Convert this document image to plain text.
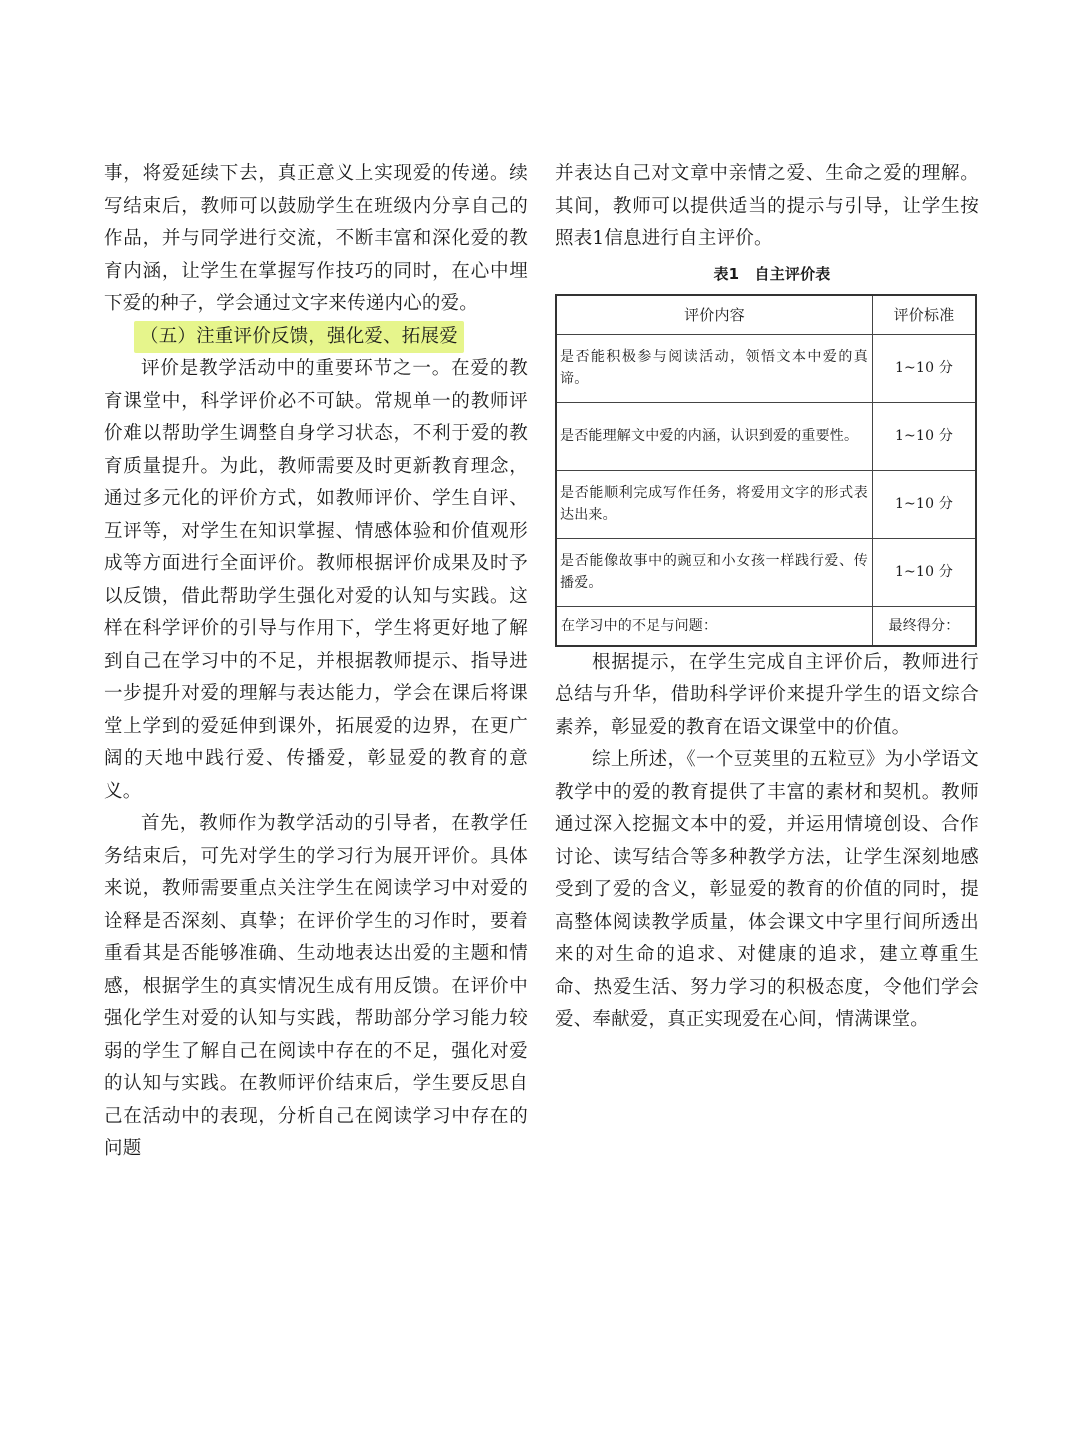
事，将爱延续下去，真正意义上实现爱的传递。续写结束后，教师可以鼓励学生在班级内分享自己的作品，并与同学进行交流，不断丰富和深化爱的教育内涵，让学生在掌握写作技巧的同时，在心中埋下爱的种子，学会通过文字来传递内心的爱。

（五）注重评价反馈，强化爱、拓展爱

评价是教学活动中的重要环节之一。在爱的教育课堂中，科学评价必不可缺。常规单一的教师评价难以帮助学生调整自身学习状态，不利于爱的教育质量提升。为此，教师需要及时更新教育理念，通过多元化的评价方式，如教师评价、学生自评、互评等，对学生在知识掌握、情感体验和价值观形成等方面进行全面评价。教师根据评价成果及时予以反馈，借此帮助学生强化对爱的认知与实践。这样在科学评价的引导与作用下，学生将更好地了解到自己在学习中的不足，并根据教师提示、指导进一步提升对爱的理解与表达能力，学会在课后将课堂上学到的爱延伸到课外，拓展爱的边界，在更广阔的天地中践行爱、传播爱，彰显爱的教育的意义。

首先，教师作为教学活动的引导者，在教学任务结束后，可先对学生的学习行为展开评价。具体来说，教师需要重点关注学生在阅读学习中对爱的诠释是否深刻、真挚；在评价学生的习作时，要着重看其是否能够准确、生动地表达出爱的主题和情感，根据学生的真实情况生成有用反馈。在评价中强化学生对爱的认知与实践，帮助部分学习能力较弱的学生了解自己在阅读中存在的不足，强化对爱的认知与实践。在教师评价结束后，学生要反思自己在活动中的表现，分析自己在阅读学习中存在的问题

并表达自己对文章中亲情之爱、生命之爱的理解。其间，教师可以提供适当的提示与引导，让学生按照表1信息进行自主评价。

表1　自主评价表
评价内容	评价标准
是否能积极参与阅读活动，领悟文本中爱的真谛。	1~10 分
是否能理解文中爱的内涵，认识到爱的重要性。	1~10 分
是否能顺利完成写作任务，将爱用文字的形式表达出来。	1~10 分
是否能像故事中的豌豆和小女孩一样践行爱、传播爱。	1~10 分
在学习中的不足与问题：	最终得分：

根据提示，在学生完成自主评价后，教师进行总结与升华，借助科学评价来提升学生的语文综合素养，彰显爱的教育在语文课堂中的价值。

综上所述，《一个豆荚里的五粒豆》为小学语文教学中的爱的教育提供了丰富的素材和契机。教师通过深入挖掘文本中的爱，并运用情境创设、合作讨论、读写结合等多种教学方法，让学生深刻地感受到了爱的含义，彰显爱的教育的价值的同时，提高整体阅读教学质量，体会课文中字里行间所透出来的对生命的追求、对健康的追求，建立尊重生命、热爱生活、努力学习的积极态度，令他们学会爱、奉献爱，真正实现爱在心间，情满课堂。
